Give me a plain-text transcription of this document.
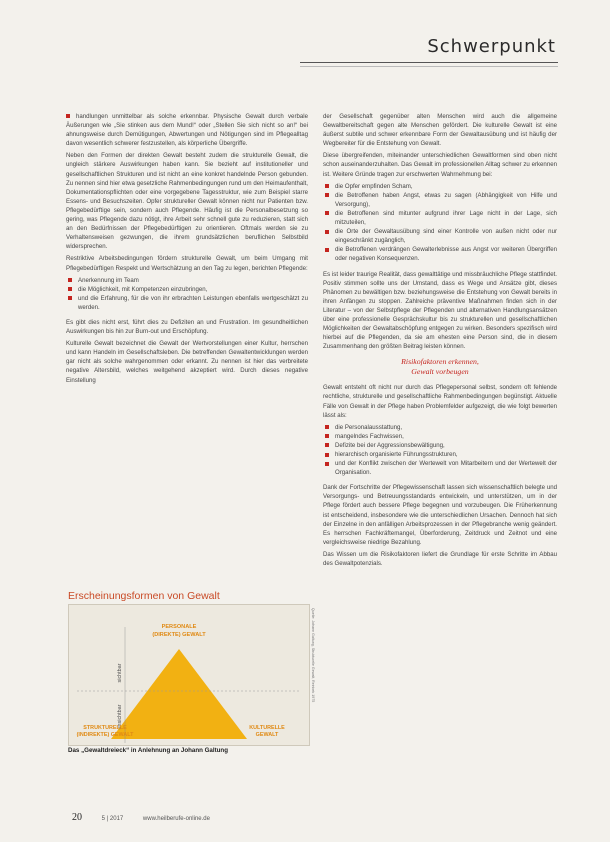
Schwerpunkt

handlungen unmittelbar als solche erkennbar. Physische Gewalt durch verbale Äußerungen wie „Sie stinken aus dem Mund!“ oder „Stellen Sie sich nicht so an!“ bei ahnungsweise durch Demütigungen, Abwertungen und Nötigungen sind im Pflegealltag davon wesentlich schwerer festzustellen, als körperliche Übergriffe.

Neben den Formen der direkten Gewalt besteht zudem die strukturelle Gewalt, die ungleich stärkere Auswirkungen haben kann. Sie bezieht auf institutioneller und gesellschaftlichen Strukturen und ist nicht an eine konkret handelnde Person gebunden. Zu nennen sind hier etwa gesetzliche Rahmenbedingungen rund um den Heimaufenthalt, Dokumentationspflichten oder eine vorgegebene Tagesstruktur, wie zum Beispiel starre Essens- und Besuchszeiten. Opfer struktureller Gewalt können nicht nur Patienten bzw. Pflegebedürftige sein, sondern auch Pflegende. Häufig ist die Personalbesetzung so gering, was Pflegende dazu nötigt, ihre Arbeit sehr schnell gute zu reduzieren, statt sich an den Bedürfnissen der Pflegebedürftigen zu orientieren. Oftmals werden sie zu Verhaltensweisen gezwungen, die ihrem grundsätzlichen beruflichen Selbstbild widersprechen.

Restriktive Arbeitsbedingungen fördern strukturelle Gewalt, um beim Umgang mit Pflegebedürftigen Respekt und Wertschätzung an den Tag zu legen, berichten Pflegende:

Anerkennung im Team
die Möglichkeit, mit Kompetenzen einzubringen,
und die Erfahrung, für die von ihr erbrachten Leistungen ebenfalls wertgeschätzt zu werden.

Es gibt dies nicht erst, führt dies zu Defiziten an und Frustration. Im gesundheitlichen Auswirkungen bis hin zur Burn-out und Erschöpfung.

Kulturelle Gewalt bezeichnet die Gewalt der Wertvorstellungen einer Kultur, herrschen und kann Handeln im Gesellschaftsleben. Die betreffenden Gewaltentwicklungen werden gar nicht als solche wahrgenommen oder erkannt. Zu nennen ist hier das verbreitete negative Altersbild, welches weitgehend akzeptiert wird. Durch dieses negative Einstellung

Erscheinungsformen von Gewalt
PERSONALE
(DIREKTE) GEWALT
sichtbar
unsichtbar
STRUKTURELLE
(INDIREKTE) GEWALT
KULTURELLE
GEWALT
Das „Gewaltdreieck“ in Anlehnung an Johann Galtung
Quelle: Johann Galtung, Strukturelle Gewalt, Reinbek 1975

der Gesellschaft gegenüber alten Menschen wird auch die allgemeine Gewaltbereitschaft gegen alte Menschen gefördert. Die kulturelle Gewalt ist eine äußerst subtile und schwer erkennbare Form der Gewaltausübung und ist häufig der Wegbereiter für die Entstehung von Gewalt.

Diese übergreifenden, miteinander unterschiedlichen Gewaltformen sind oben nicht schon auseinanderzuhalten. Das Gewalt im professionellen Alltag schwer zu erkennen ist. Weitere Gründe tragen zur erschwerten Wahrnehmung bei:

die Opfer empfinden Scham,
die Betroffenen haben Angst, etwas zu sagen (Abhängigkeit von Hilfe und Versorgung),
die Betroffenen sind mitunter aufgrund ihrer Lage nicht in der Lage, sich mitzuteilen,
die Orte der Gewaltausübung sind einer Kontrolle von außen nicht oder nur eingeschränkt zugänglich,
die Betroffenen verdrängen Gewalterlebnisse aus Angst vor weiteren Übergriffen oder negativen Konsequenzen.

Es ist leider traurige Realität, dass gewalttätige und missbräuchliche Pflege stattfindet. Positiv stimmen sollte uns der Umstand, dass es Wege und Ansätze gibt, dieses Phänomen zu bewältigen bzw. beziehungsweise die Entstehung von Gewalt bereits in ihren Anfängen zu stoppen. Zahlreiche präventive Maßnahmen finden sich in der Literatur – von der Selbstpflege der Pflegenden und alternativen Handlungsansätzen über eine professionelle Gesprächskultur bis zu strukturellen und gesellschaftlichen Möglichkeiten der Gewaltabschöpfung entgegen zu wirken. Besonders spezifisch wird hierbei auf die Pflegenden, da sie am ehesten eine Person sind, die in diesem Zusammenhang den größten Beitrag leisten können.

Risikofaktoren erkennen,
Gewalt vorbeugen

Gewalt entsteht oft nicht nur durch das Pflegepersonal selbst, sondern oft fehlende rechtliche, strukturelle und gesellschaftliche Rahmenbedingungen begünstigt. Aktuelle Fälle von Gewalt in der Pflege haben Problemfelder aufgezeigt, die wie folgt bewerten lässt als:

die Personalausstattung,
mangelndes Fachwissen,
Defizite bei der Aggressionsbewältigung,
hierarchisch organisierte Führungsstrukturen,
und der Konflikt zwischen der Wertewelt von Mitarbeitern und der Wertewelt der Organisation.

Dank der Fortschritte der Pflegewissenschaft lassen sich wissenschaftlich belegte und Versorgungs- und Betreuungsstandards entwickeln, und unterstützen, um in der Pflege fördert auch bessere Pflege begegnen und vorzubeugen. Die Früherkennung ist entscheidend, insbesondere wie die unterschiedlichen Ursachen. Dennoch hat sich der Einzelne in den anfälligen Arbeitsprozessen in der Pflegebranche wenig geändert. Es herrschen Fachkräftemangel, Überforderung, Zeitdruck und Zeitnot und eine vergleichsweise niedrige Bezahlung.

Das Wissen um die Risikofaktoren liefert die Grundlage für erste Schritte im Abbau des Gewaltpotenzials.

20	5 | 2017	www.heilberufe-online.de
